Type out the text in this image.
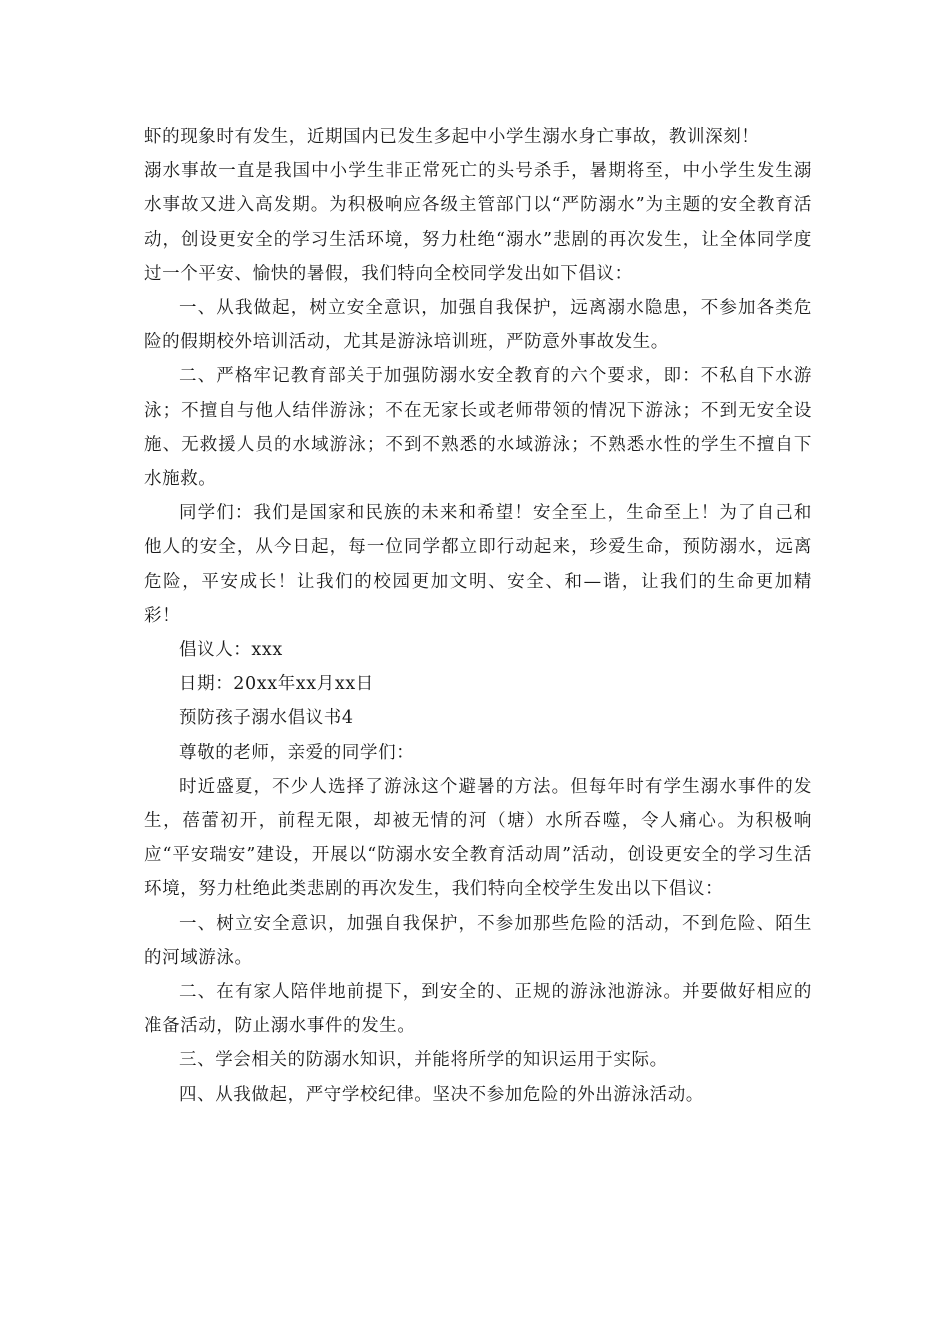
虾的现象时有发生，近期国内已发生多起中小学生溺水身亡事故，教训深刻！

溺水事故一直是我国中小学生非正常死亡的头号杀手，暑期将至，中小学生发生溺水事故又进入高发期。为积极响应各级主管部门以“严防溺水”为主题的安全教育活动，创设更安全的学习生活环境，努力杜绝“溺水”悲剧的再次发生，让全体同学度过一个平安、愉快的暑假，我们特向全校同学发出如下倡议：

一、从我做起，树立安全意识，加强自我保护，远离溺水隐患，不参加各类危险的假期校外培训活动，尤其是游泳培训班，严防意外事故发生。

二、严格牢记教育部关于加强防溺水安全教育的六个要求，即：不私自下水游泳；不擅自与他人结伴游泳；不在无家长或老师带领的情况下游泳；不到无安全设施、无救援人员的水域游泳；不到不熟悉的水域游泳；不熟悉水性的学生不擅自下水施救。

同学们：我们是国家和民族的未来和希望！安全至上，生命至上！为了自己和他人的安全，从今日起，每一位同学都立即行动起来，珍爱生命，预防溺水，远离危险，平安成长！让我们的校园更加文明、安全、和—谐，让我们的生命更加精彩！

倡议人：xxx

日期：20xx年xx月xx日

预防孩子溺水倡议书4

尊敬的老师，亲爱的同学们：

时近盛夏，不少人选择了游泳这个避暑的方法。但每年时有学生溺水事件的发生，蓓蕾初开，前程无限，却被无情的河（塘）水所吞噬，令人痛心。为积极响应“平安瑞安”建设，开展以“防溺水安全教育活动周”活动，创设更安全的学习生活环境，努力杜绝此类悲剧的再次发生，我们特向全校学生发出以下倡议：

一、树立安全意识，加强自我保护，不参加那些危险的活动，不到危险、陌生的河域游泳。

二、在有家人陪伴地前提下，到安全的、正规的游泳池游泳。并要做好相应的准备活动，防止溺水事件的发生。

三、学会相关的防溺水知识，并能将所学的知识运用于实际。

四、从我做起，严守学校纪律。坚决不参加危险的外出游泳活动。
